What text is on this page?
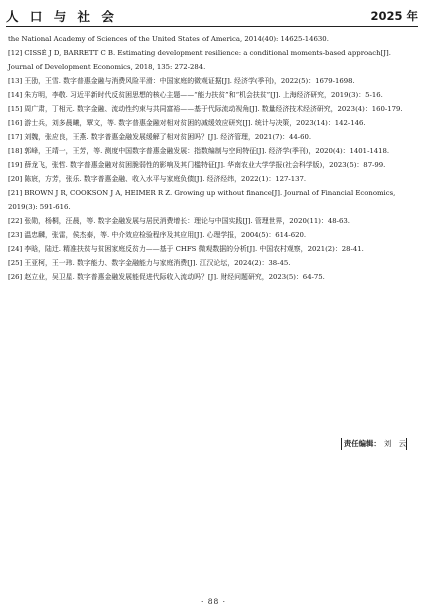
人 口 与 社 会	2025 年

the National Academy of Sciences of the United States of America, 2014(40): 14625-14630.

[12] CISSÉ J D, BARRETT C B. Estimating development resilience: a conditional moments-based approach[J]. Journal of Development Economics, 2018, 135: 272-284.

[13] 王劭，王雪. 数字普惠金融与消费风险平滑：中国家庭的微观证据[J]. 经济学(季刊)，2022(5)：1679-1698.

[14] 朱方明，李敬. 习近平新时代反贫困思想的核心主题——“能力扶贫”和“机会扶贫”[J]. 上海经济研究，2019(3)：5-16.

[15] 周广肃，丁相元. 数字金融、流动性约束与共同富裕——基于代际流动视角[J]. 数量经济技术经济研究，2023(4)：160-179.

[16] 游士兵，刘多晨曦，覃文，等. 数字普惠金融对相对贫困的减缓效应研究[J]. 统计与决策，2023(14)：142-146.

[17] 刘魏，张应良，王燕. 数字普惠金融发展缓解了相对贫困吗？[J]. 经济管理，2021(7)：44-60.

[18] 郭峰，王靖一，王芳，等. 测度中国数字普惠金融发展：指数编制与空间特征[J]. 经济学(季刊)，2020(4)：1401-1418.

[19] 薛龙飞，张哲. 数字普惠金融对贫困脆弱性的影响及其门槛特征[J]. 华南农业大学学报(社会科学版)，2023(5)：87-99.

[20] 陈宸，方芳，张乐. 数字普惠金融、收入水平与家庭负债[J]. 经济经纬，2022(1)：127-137.

[21] BROWN J R, COOKSON J A, HEIMER R Z. Growing up without finance[J]. Journal of Financial Economics, 2019(3): 591-616.

[22] 张勋，杨桐，汪晨，等. 数字金融发展与居民消费增长：理论与中国实践[J]. 管理世界，2020(11)：48-63.

[23] 温忠麟，张雷，侯杰泰，等. 中介效应检验程序及其应用[J]. 心理学报，2004(5)：614-620.

[24] 李晗，陆迁. 精准扶贫与贫困家庭反贫力——基于 CHFS 微观数据的分析[J]. 中国农村观察，2021(2)：28-41.

[25] 王亚柯，王一玮. 数字能力、数字金融能力与家庭消费[J]. 江汉论坛，2024(2)：38-45.

[26] 赵立业，吴卫星. 数字普惠金融发展能促进代际收入流动吗？[J]. 财经问题研究，2023(5)：64-75.

责任编辑： 刘　云
· 88 ·
